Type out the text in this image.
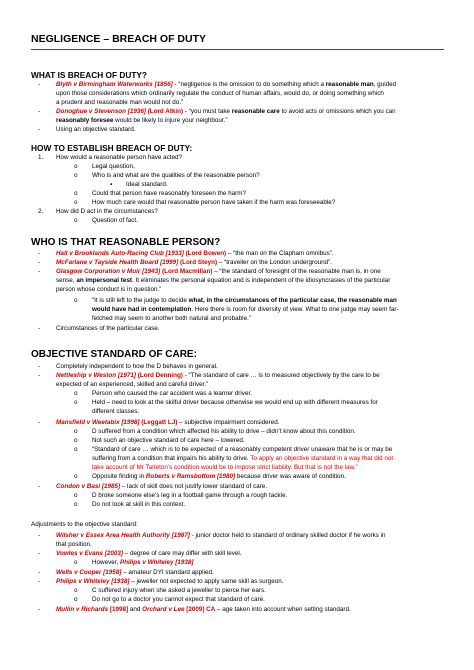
NEGLIGENCE – BREACH OF DUTY
WHAT IS BREACH OF DUTY?
-	Blyth v Birmingham Waterworks [1856] - “negligence is the omission to do something which a reasonable man, guided
upon those considerations which ordinarily regulate the conduct of human affairs, would do, or doing something which
a prudent and reasonable man would not do.”
-	Donoghue v Stevenson [1936] (Lord Atkin) - “you must take reasonable care to avoid acts or omissions which you can
reasonably foresee would be likely to injure your neighbour.”
-	Using an objective standard.
HOW TO ESTABLISH BREACH OF DUTY:
1. How would a reasonable person have acted?
o Legal question.
o Who is and what are the qualities of the reasonable person?
▪ Ideal standard.
o Could that person have reasonably foreseen the harm?
o How much care would that reasonable person have taken if the harm was foreseeable?
2. How did D act in the circumstances?
o Question of fact.
WHO IS THAT REASONABLE PERSON?
-	Hall v Brooklands Auto-Racing Club [1933] (Lord Bowen) – “the man on the Clapham omnibus”.
-	McFarlane v Tayside Health Board [1999] (Lord Steyn) – “traveller on the London underground”.
-	Glasgow Corporation v Muir [1943] (Lord Macmillan) – “the standard of foresight of the reasonable man is, in one
sense, an impersonal test. It eliminates the personal equation and is independent of the idiosyncrasies of the particular
person whose conduct is in question.”
o “It is still left to the judge to decide what, in the circumstances of the particular case, the reasonable man
would have had in contemplation. Here there is room for diversity of view. What to one judge may seem far-
fetched may seem to another both natural and probable.”
-	Circumstances of the particular case.
OBJECTIVE STANDARD OF CARE:
-	Completely independent to how the D behaves in general.
-	Nettleship v Weston [1971] (Lord Denning) - “The standard of care … is to measured objectively by the care to be
expected of an experienced, skilled and careful driver.”
o Person who caused the car accident was a learner driver.
o Held – need to look at the skilful driver because otherwise we would end up with different measures for
different classes.
-	Mansfield v Weetabix [1998] (Leggatt LJ) – subjective impairment considered.
o D suffered from a condition which affected his ability to drive – didn’t know about this condition.
o Not such an objective standard of care here – lowered.
o “Standard of care … which is to be expected of a reasonably competent driver unaware that he is or may be
suffering from a condition that impairs his ability to drive. To apply an objective standard in a way that did not
take account of Mr Tarleton’s condition would be to impose strict liability. But that is not the law.”
o Opposite finding in Roberts v Ramsbottom [1980] because driver was aware of condition.
-	Condon v Basi [1985] – lack of skill does not justify lower standard of care.
o D broke someone else’s leg in a football game through a rough tackle.
o Do not look at skill in this context.
Adjustments to the objective standard:
-	Wilsher v Essex Area Health Authority [1987] - junior doctor held to standard of ordinary skilled doctor if he works in
that position.
-	Vowles v Evans [2003] – degree of care may differ with skill level.
o However, Philips v Whiteley [1938]
-	Wells v Cooper [1958] – amateur DYI standard applied.
-	Philips v Whiteley [1938] – jeweller not expected to apply same skill as surgeon.
o C suffered injury when she asked a jeweller to pierce her ears.
o Do not go to a doctor you cannot expect that standard of care.
-	Mullin v Richards [1998] and Orchard v Lee [2009] CA – age taken into account when setting standard.
